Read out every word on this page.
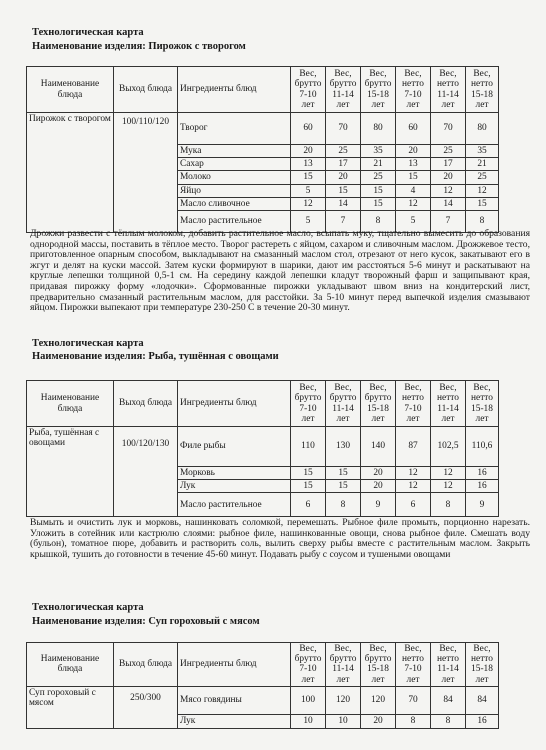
Технологическая карта
Наименование изделия: Пирожок с творогом
Наименование блюда	Выход блюда	Ингредиенты блюд	Вес, брутто 7-10 лет	Вес, брутто 11-14 лет	Вес, брутто 15-18 лет	Вес, нетто 7-10 лет	Вес, нетто 11-14 лет	Вес, нетто 15-18 лет
Пирожок с творогом	100/110/120	Творог	60	70	80	60	70	80
		Мука	20	25	35	20	25	35
		Сахар	13	17	21	13	17	21
		Молоко	15	20	25	15	20	25
		Яйцо	5	15	15	4	12	12
		Масло сливочное	12	14	15	12	14	15
		Масло растительное	5	7	8	5	7	8
Дрожжи развести с тёплым молоком, добавить растительное масло, всыпать муку, тщательно вымесить до образования однородной массы, поставить в тёплое место. Творог растереть с яйцом, сахаром и сливочным маслом. Дрожжевое тесто, приготовленное опарным способом, выкладывают на смазанный маслом стол, отрезают от него кусок, закатывают его в жгут и делят на куски массой. Затем куски формируют в шарики, дают им расстояться 5-6 минут и раскатывают на круглые лепешки толщиной 0,5-1 см. На середину каждой лепешки кладут творожный фарш и защипывают края, придавая пирожку форму «лодочки». Сформованные пирожки укладывают швом вниз на кондитерский лист, предварительно смазанный растительным маслом, для расстойки. За 5-10 минут перед выпечкой изделия смазывают яйцом. Пирожки выпекают при температуре 230-250 С в течение 20-30 минут.
Технологическая карта
Наименование изделия: Рыба, тушённая с овощами
Наименование блюда	Выход блюда	Ингредиенты блюд	Вес, брутто 7-10 лет	Вес, брутто 11-14 лет	Вес, брутто 15-18 лет	Вес, нетто 7-10 лет	Вес, нетто 11-14 лет	Вес, нетто 15-18 лет
Рыба, тушённая с овощами	100/120/130	Филе рыбы	110	130	140	87	102,5	110,6
		Морковь	15	15	20	12	12	16
		Лук	15	15	20	12	12	16
		Масло растительное	6	8	9	6	8	9
Вымыть и очистить лук и морковь, нашинковать соломкой, перемешать. Рыбное филе промыть, порционно нарезать. Уложить в сотейник или кастрюлю слоями: рыбное филе, нашинкованные овощи, снова рыбное филе. Смешать воду (бульон), томатное пюре, добавить и растворить соль, вылить сверху рыбы вместе с растительным маслом. Закрыть крышкой, тушить до готовности в течение 45-60 минут. Подавать рыбу с соусом и тушеными овощами
Технологическая карта
Наименование изделия: Суп гороховый с мясом
Наименование блюда	Выход блюда	Ингредиенты блюд	Вес, брутто 7-10 лет	Вес, брутто 11-14 лет	Вес, брутто 15-18 лет	Вес, нетто 7-10 лет	Вес, нетто 11-14 лет	Вес, нетто 15-18 лет
Суп гороховый с мясом	250/300	Мясо говядины	100	120	120	70	84	84
		Лук	10	10	20	8	8	16
